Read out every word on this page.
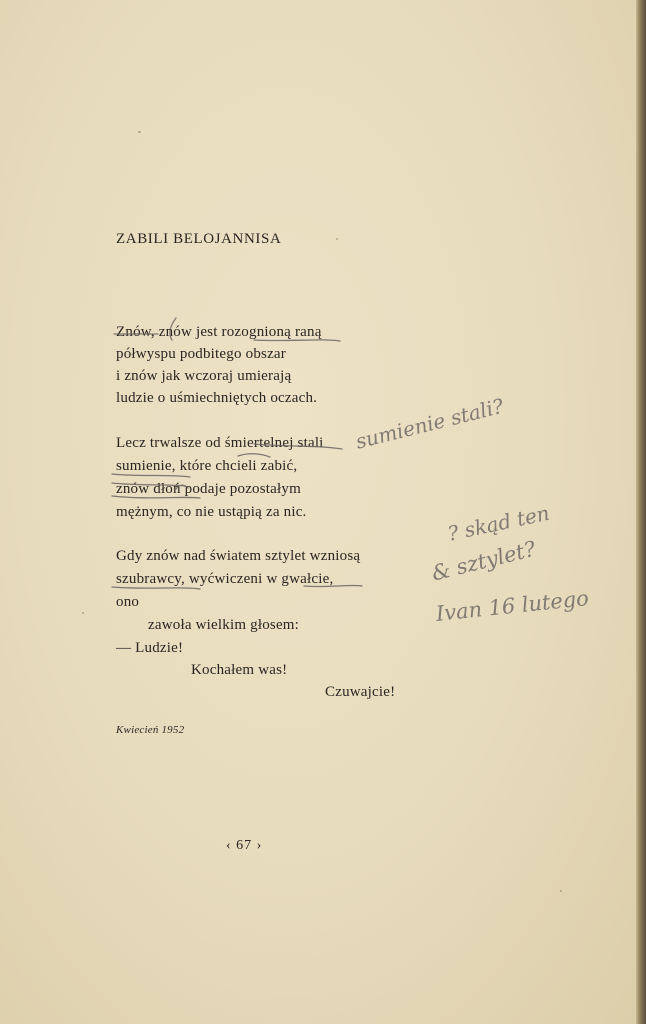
ZABILI BELOJANNISA
Znów, znów jest rozognioną raną
półwyspu podbitego obszar
i znów jak wczoraj umierają
ludzie o uśmiechniętych oczach.
Lecz trwalsze od śmiertelnej stali
sumienie, które chcieli zabić,
znów dłoń podaje pozostałym
mężnym, co nie ustąpią za nic.
Gdy znów nad światem sztylet wzniosą
szubrawcy, wyćwiczeni w gwałcie,
ono
zawoła wielkim głosem:
— Ludzie!
Kochałem was!
Czuwajcie!
Kwiecień 1952
‹ 67 ›
sumienie stali?
? skąd ten
& sztylet?
Ivan 16 lutego
